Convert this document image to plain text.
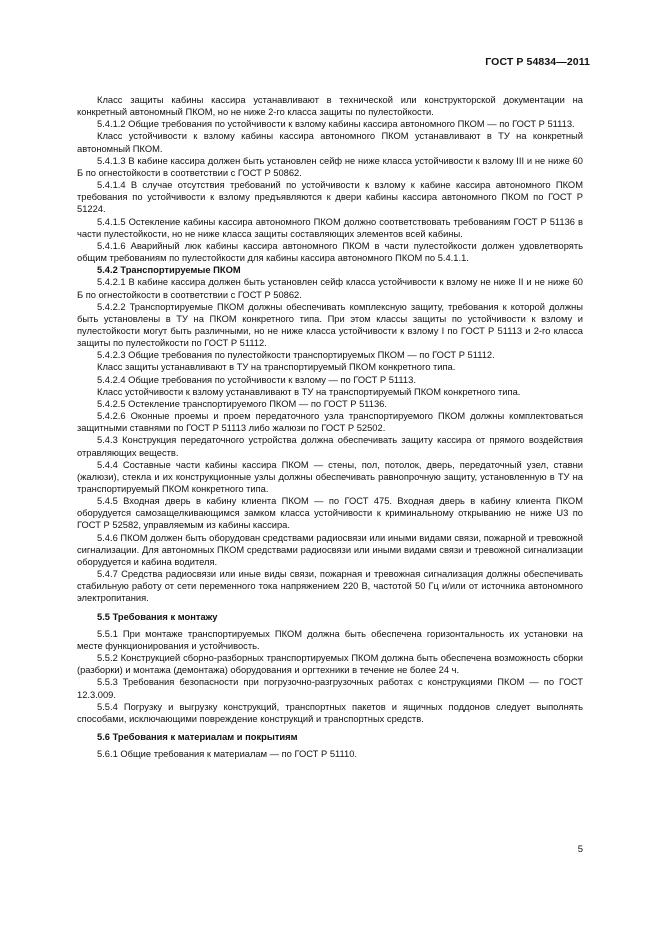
ГОСТ Р 54834—2011

Класс защиты кабины кассира устанавливают в технической или конструкторской документации на конкретный автономный ПКОМ, но не ниже 2-го класса защиты по пулестойкости.

5.4.1.2 Общие требования по устойчивости к взлому кабины кассира автономного ПКОМ — по ГОСТ Р 51113.

Класс устойчивости к взлому кабины кассира автономного ПКОМ устанавливают в ТУ на конкретный автономный ПКОМ.

5.4.1.3 В кабине кассира должен быть установлен сейф не ниже класса устойчивости к взлому III и не ниже 60 Б по огнестойкости в соответствии с ГОСТ Р 50862.

5.4.1.4 В случае отсутствия требований по устойчивости к взлому к кабине кассира автономного ПКОМ требования по устойчивости к взлому предъявляются к двери кабины кассира автономного ПКОМ по ГОСТ Р 51224.

5.4.1.5 Остекление кабины кассира автономного ПКОМ должно соответствовать требованиям ГОСТ Р 51136 в части пулестойкости, но не ниже класса защиты составляющих элементов всей кабины.

5.4.1.6 Аварийный люк кабины кассира автономного ПКОМ в части пулестойкости должен удовлетворять общим требованиям по пулестойкости для кабины кассира автономного ПКОМ по 5.4.1.1.

5.4.2 Транспортируемые ПКОМ

5.4.2.1 В кабине кассира должен быть установлен сейф класса устойчивости к взлому не ниже II и не ниже 60 Б по огнестойкости в соответствии с ГОСТ Р 50862.

5.4.2.2 Транспортируемые ПКОМ должны обеспечивать комплексную защиту, требования к которой должны быть установлены в ТУ на ПКОМ конкретного типа. При этом классы защиты по устойчивости к взлому и пулестойкости могут быть различными, но не ниже класса устойчивости к взлому I по ГОСТ Р 51113 и 2-го класса защиты по пулестойкости по ГОСТ Р 51112.

5.4.2.3 Общие требования по пулестойкости транспортируемых ПКОМ — по ГОСТ Р 51112.

Класс защиты устанавливают в ТУ на транспортируемый ПКОМ конкретного типа.

5.4.2.4 Общие требования по устойчивости к взлому — по ГОСТ Р 51113.

Класс устойчивости к взлому устанавливают в ТУ на транспортируемый ПКОМ конкретного типа.

5.4.2.5 Остекление транспортируемого ПКОМ — по ГОСТ Р 51136.

5.4.2.6 Оконные проемы и проем передаточного узла транспортируемого ПКОМ должны комплектоваться защитными ставнями по ГОСТ Р 51113 либо жалюзи по ГОСТ Р 52502.

5.4.3 Конструкция передаточного устройства должна обеспечивать защиту кассира от прямого воздействия отравляющих веществ.

5.4.4 Составные части кабины кассира ПКОМ — стены, пол, потолок, дверь, передаточный узел, ставни (жалюзи), стекла и их конструкционные узлы должны обеспечивать равнопрочную защиту, установленную в ТУ на транспортируемый ПКОМ конкретного типа.

5.4.5 Входная дверь в кабину клиента ПКОМ — по ГОСТ 475. Входная дверь в кабину клиента ПКОМ оборудуется самозащелкивающимся замком класса устойчивости к криминальному открыванию не ниже U3 по ГОСТ Р 52582, управляемым из кабины кассира.

5.4.6 ПКОМ должен быть оборудован средствами радиосвязи или иными видами связи, пожарной и тревожной сигнализации. Для автономных ПКОМ средствами радиосвязи или иными видами связи и тревожной сигнализации оборудуется и кабина водителя.

5.4.7 Средства радиосвязи или иные виды связи, пожарная и тревожная сигнализация должны обеспечивать стабильную работу от сети переменного тока напряжением 220 В, частотой 50 Гц и/или от источника автономного электропитания.

5.5 Требования к монтажу

5.5.1 При монтаже транспортируемых ПКОМ должна быть обеспечена горизонтальность их установки на месте функционирования и устойчивость.

5.5.2 Конструкцией сборно-разборных транспортируемых ПКОМ должна быть обеспечена возможность сборки (разборки) и монтажа (демонтажа) оборудования и оргтехники в течение не более 24 ч.

5.5.3 Требования безопасности при погрузочно-разгрузочных работах с конструкциями ПКОМ — по ГОСТ 12.3.009.

5.5.4 Погрузку и выгрузку конструкций, транспортных пакетов и ящичных поддонов следует выполнять способами, исключающими повреждение конструкций и транспортных средств.

5.6 Требования к материалам и покрытиям

5.6.1 Общие требования к материалам — по ГОСТ Р 51110.

5
